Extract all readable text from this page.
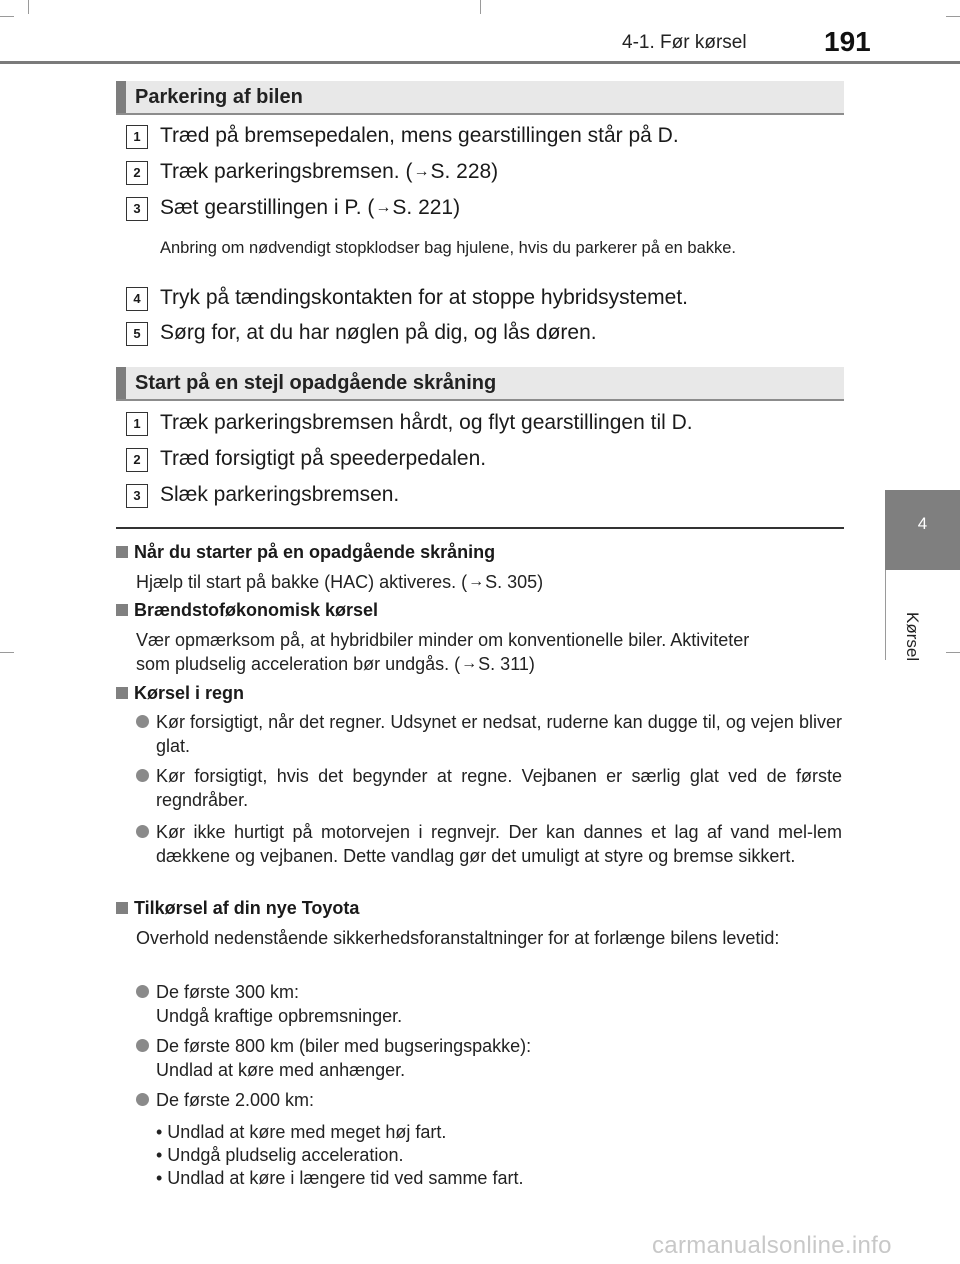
4-1. Før kørsel	191
4
Kørsel
Parkering af bilen
1 Træd på bremsepedalen, mens gearstillingen står på D.
2 Træk parkeringsbremsen. (→S. 228)
3 Sæt gearstillingen i P. (→S. 221)
Anbring om nødvendigt stopklodser bag hjulene, hvis du parkerer på en bakke.
4 Tryk på tændingskontakten for at stoppe hybridsystemet.
5 Sørg for, at du har nøglen på dig, og lås døren.
Start på en stejl opadgående skråning
1 Træk parkeringsbremsen hårdt, og flyt gearstillingen til D.
2 Træd forsigtigt på speederpedalen.
3 Slæk parkeringsbremsen.
Når du starter på en opadgående skråning
Hjælp til start på bakke (HAC) aktiveres. (→S. 305)
Brændstoføkonomisk kørsel
Vær opmærksom på, at hybridbiler minder om konventionelle biler. Aktiviteter
som pludselig acceleration bør undgås. (→S. 311)
Kørsel i regn
Kør forsigtigt, når det regner. Udsynet er nedsat, ruderne kan dugge til, og vejen bliver glat.
Kør forsigtigt, hvis det begynder at regne. Vejbanen er særlig glat ved de første regndråber.
Kør ikke hurtigt på motorvejen i regnvejr. Der kan dannes et lag af vand mel-lem dækkene og vejbanen. Dette vandlag gør det umuligt at styre og bremse sikkert.
Tilkørsel af din nye Toyota
Overhold nedenstående sikkerhedsforanstaltninger for at forlænge bilens levetid:
De første 300 km:
Undgå kraftige opbremsninger.
De første 800 km (biler med bugseringspakke):
Undlad at køre med anhænger.
De første 2.000 km:
• Undlad at køre med meget høj fart.
• Undgå pludselig acceleration.
• Undlad at køre i længere tid ved samme fart.
carmanualsonline.info
